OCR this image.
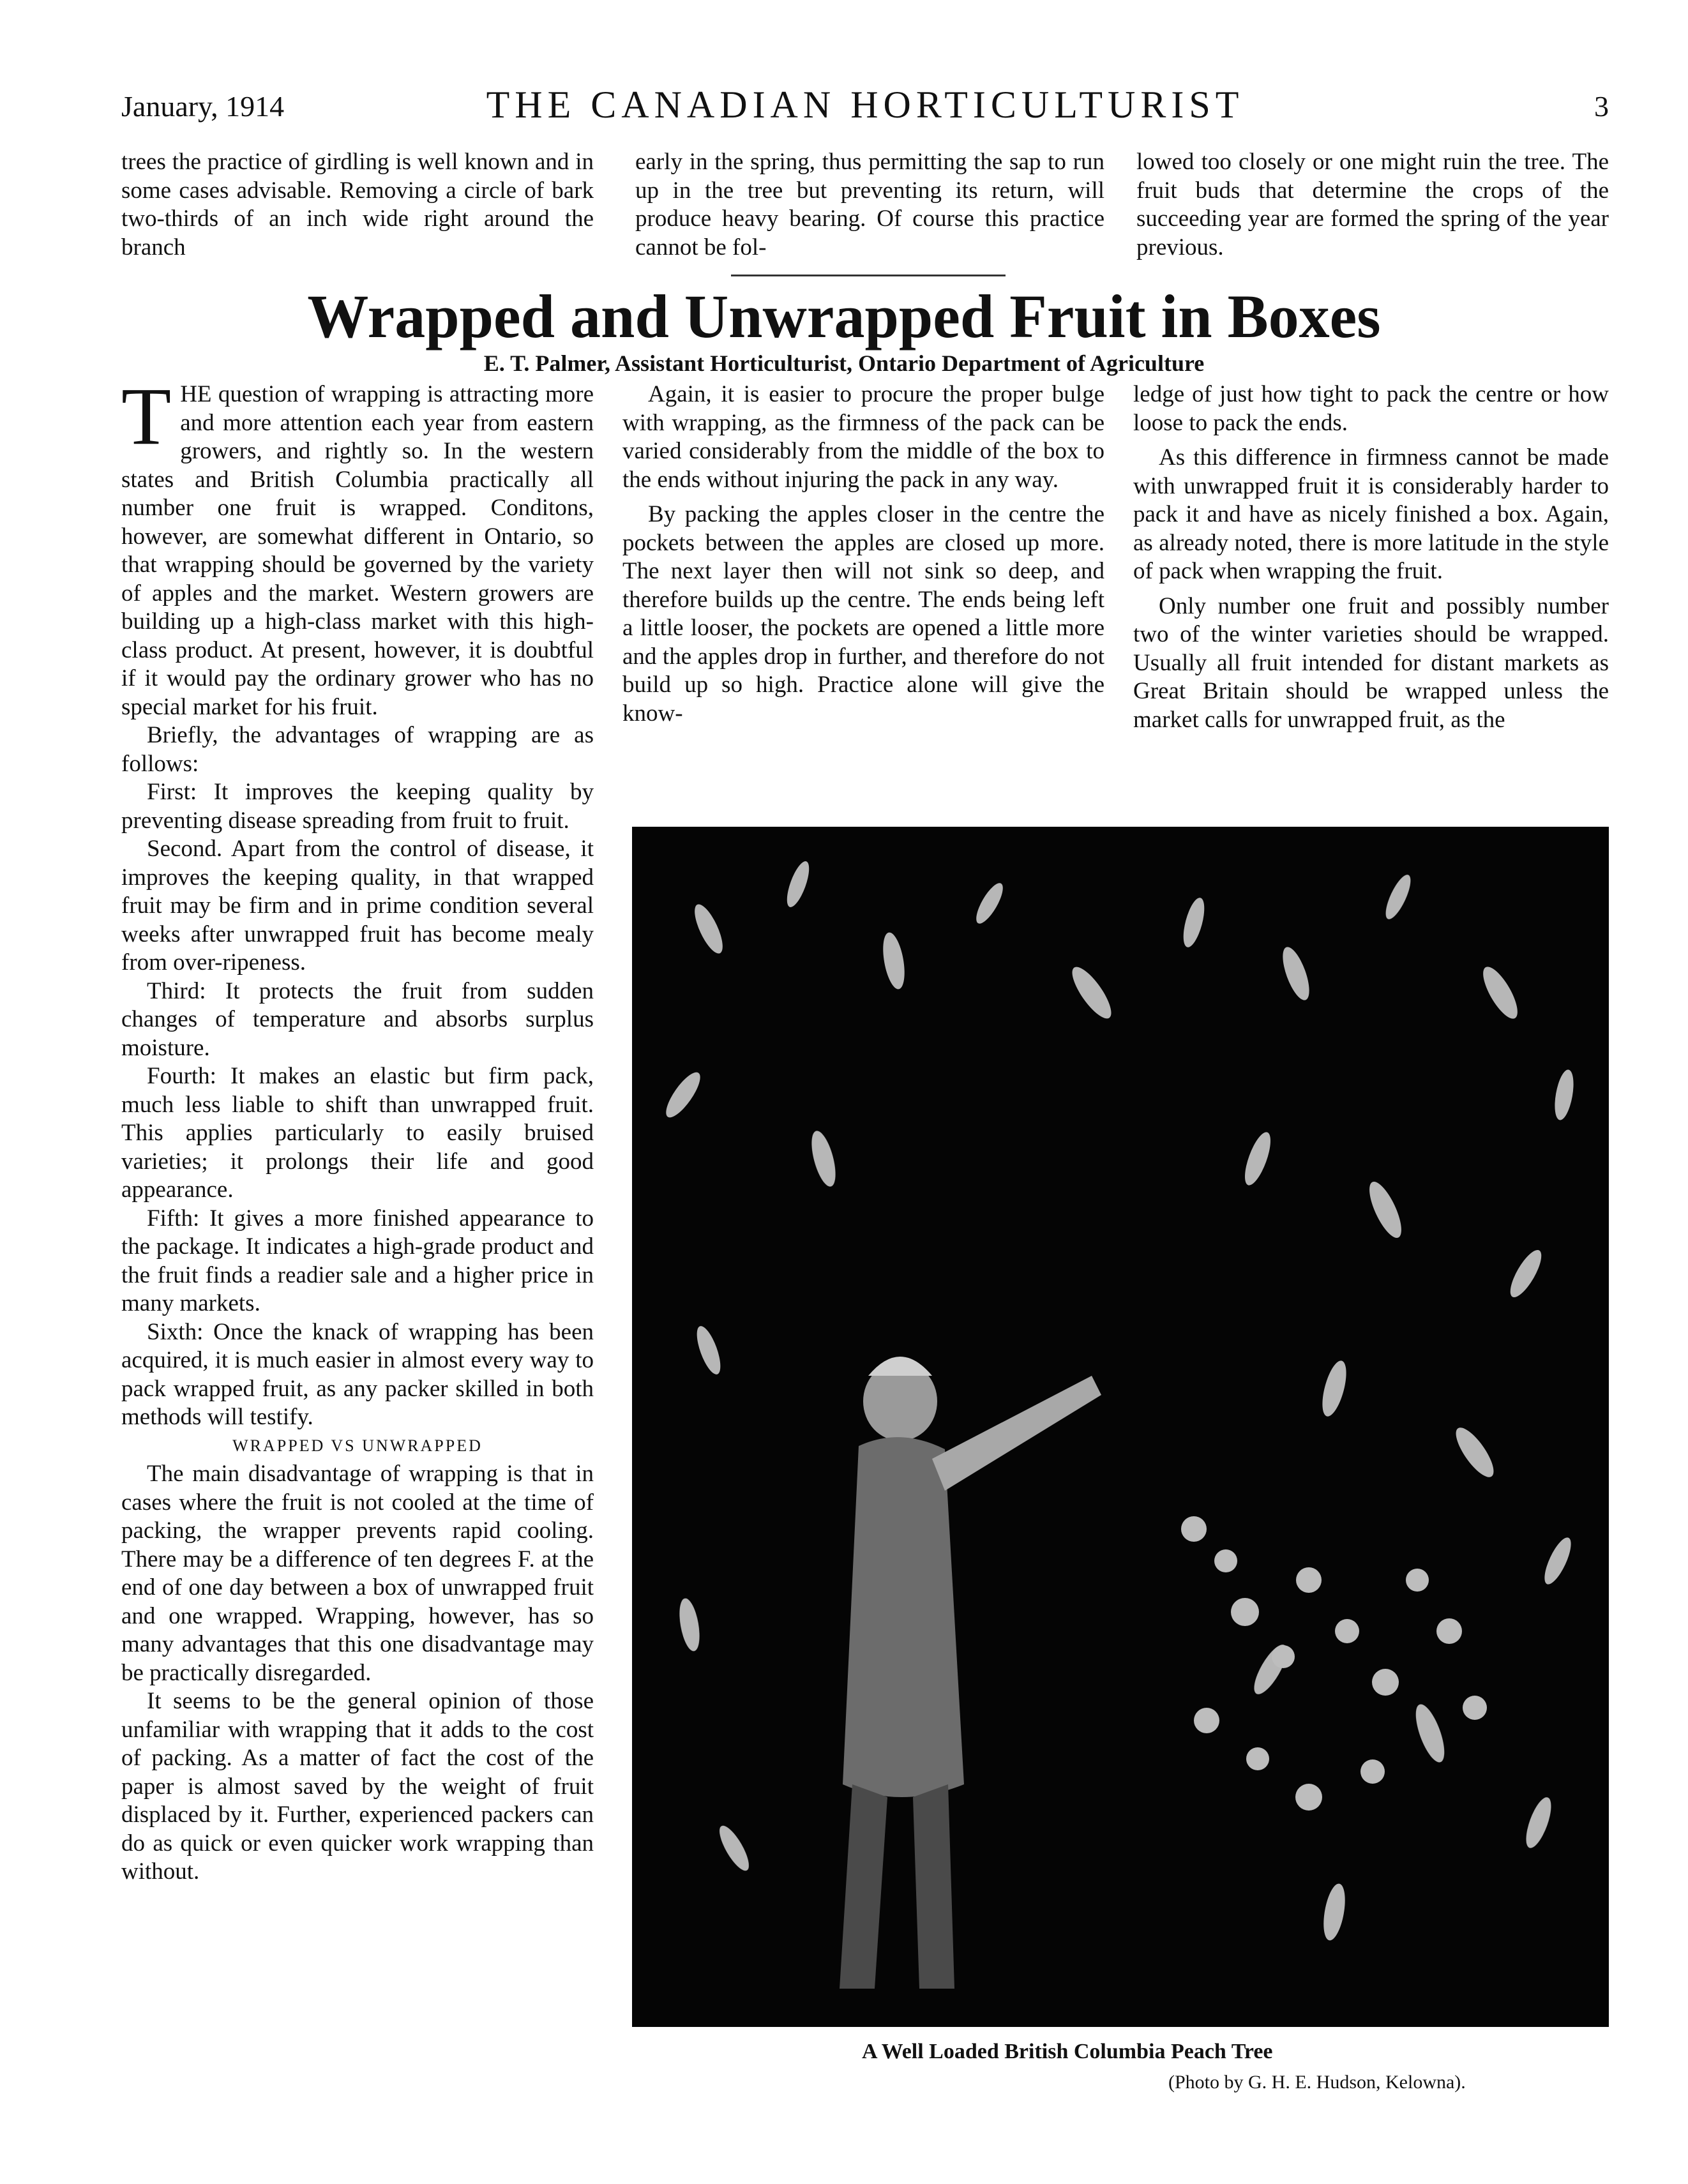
January, 1914	THE CANADIAN HORTICULTURIST	3

trees the practice of girdling is well known and in some cases advisable. Removing a circle of bark two-thirds of an inch wide right around the branch

early in the spring, thus permitting the sap to run up in the tree but preventing its return, will produce heavy bearing. Of course this practice cannot be fol-

lowed too closely or one might ruin the tree. The fruit buds that determine the crops of the succeeding year are formed the spring of the year previous.

Wrapped and Unwrapped Fruit in Boxes
E. T. Palmer, Assistant Horticulturist, Ontario Department of Agriculture

THE question of wrapping is attracting more and more attention each year from eastern growers, and rightly so. In the western states and British Columbia practically all number one fruit is wrapped. Conditons, however, are somewhat different in Ontario, so that wrapping should be governed by the variety of apples and the market. Western growers are building up a high-class market with this high-class product. At present, however, it is doubtful if it would pay the ordinary grower who has no special market for his fruit.

Briefly, the advantages of wrapping are as follows:

First: It improves the keeping quality by preventing disease spreading from fruit to fruit.

Second. Apart from the control of disease, it improves the keeping quality, in that wrapped fruit may be firm and in prime condition several weeks after unwrapped fruit has become mealy from over-ripeness.

Third: It protects the fruit from sudden changes of temperature and absorbs surplus moisture.

Fourth: It makes an elastic but firm pack, much less liable to shift than unwrapped fruit. This applies particularly to easily bruised varieties; it prolongs their life and good appearance.

Fifth: It gives a more finished appearance to the package. It indicates a high-grade product and the fruit finds a readier sale and a higher price in many markets.

Sixth: Once the knack of wrapping has been acquired, it is much easier in almost every way to pack wrapped fruit, as any packer skilled in both methods will testify.

WRAPPED VS UNWRAPPED

The main disadvantage of wrapping is that in cases where the fruit is not cooled at the time of packing, the wrapper prevents rapid cooling. There may be a difference of ten degrees F. at the end of one day between a box of unwrapped fruit and one wrapped. Wrapping, however, has so many advantages that this one disadvantage may be practically disregarded.

It seems to be the general opinion of those unfamiliar with wrapping that it adds to the cost of packing. As a matter of fact the cost of the paper is almost saved by the weight of fruit displaced by it. Further, experienced packers can do as quick or even quicker work wrapping than without.

Again, it is easier to procure the proper bulge with wrapping, as the firmness of the pack can be varied considerably from the middle of the box to the ends without injuring the pack in any way.

By packing the apples closer in the centre the pockets between the apples are closed up more. The next layer then will not sink so deep, and therefore builds up the centre. The ends being left a little looser, the pockets are opened a little more and the apples drop in further, and therefore do not build up so high. Practice alone will give the know-

ledge of just how tight to pack the centre or how loose to pack the ends.

As this difference in firmness cannot be made with unwrapped fruit it is considerably harder to pack it and have as nicely finished a box. Again, as already noted, there is more latitude in the style of pack when wrapping the fruit.

Only number one fruit and possibly number two of the winter varieties should be wrapped. Usually all fruit intended for distant markets as Great Britain should be wrapped unless the market calls for unwrapped fruit, as the

A Well Loaded British Columbia Peach Tree
(Photo by G. H. E. Hudson, Kelowna).
